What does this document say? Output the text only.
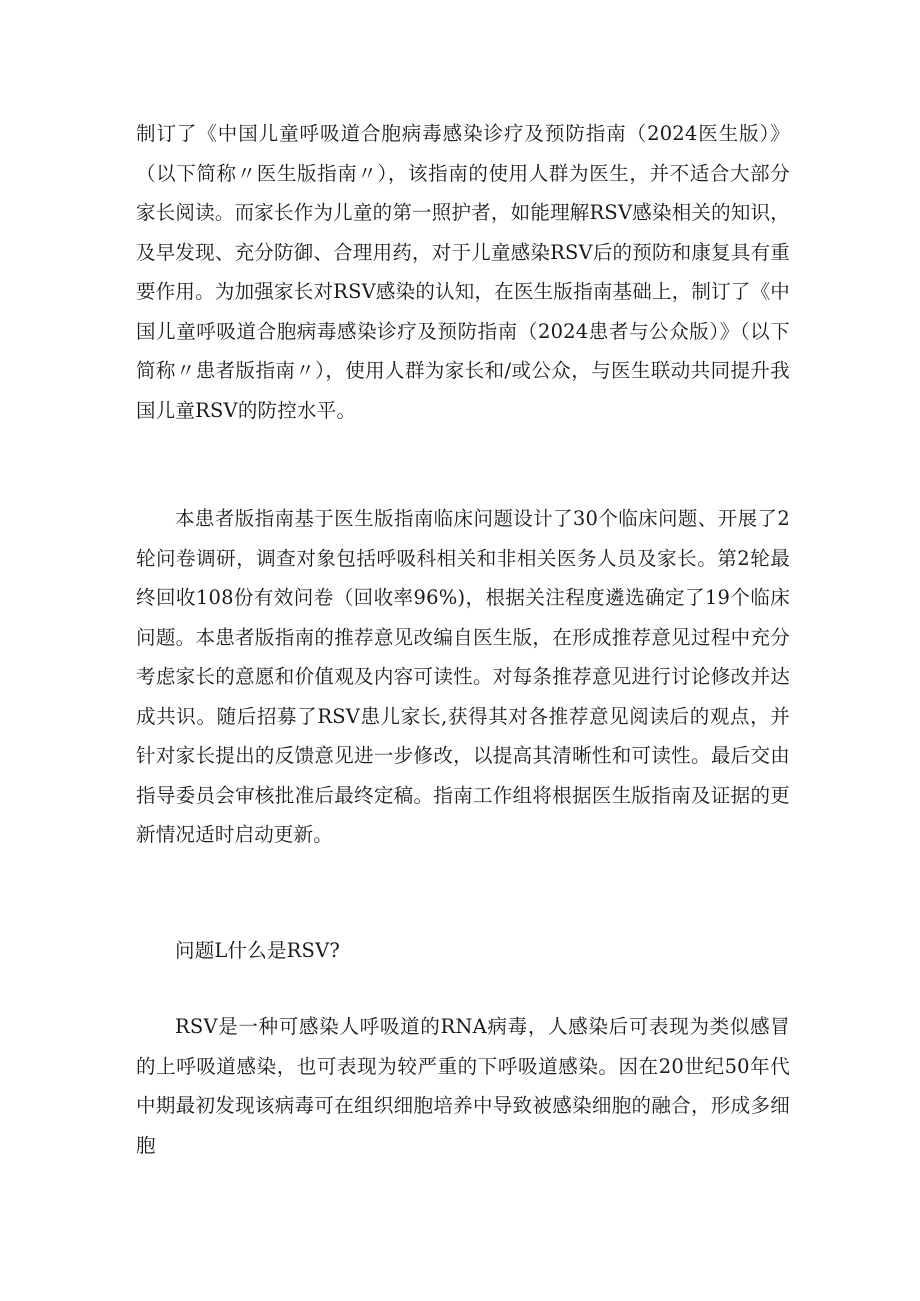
制订了《中国儿童呼吸道合胞病毒感染诊疗及预防指南（2024医生版）》（以下简称〃医生版指南〃），该指南的使用人群为医生，并不适合大部分家长阅读。而家长作为儿童的第一照护者，如能理解RSV感染相关的知识，及早发现、充分防御、合理用药，对于儿童感染RSV后的预防和康复具有重要作用。为加强家长对RSV感染的认知，在医生版指南基础上，制订了《中国儿童呼吸道合胞病毒感染诊疗及预防指南（2024患者与公众版）》（以下简称〃患者版指南〃），使用人群为家长和/或公众，与医生联动共同提升我国儿童RSV的防控水平。

本患者版指南基于医生版指南临床问题设计了30个临床问题、开展了2轮问卷调研，调查对象包括呼吸科相关和非相关医务人员及家长。第2轮最终回收108份有效问卷（回收率96%)，根据关注程度遴选确定了19个临床问题。本患者版指南的推荐意见改编自医生版，在形成推荐意见过程中充分考虑家长的意愿和价值观及内容可读性。对每条推荐意见进行讨论修改并达成共识。随后招募了RSV患儿家长,获得其对各推荐意见阅读后的观点，并针对家长提出的反馈意见进一步修改，以提高其清晰性和可读性。最后交由指导委员会审核批准后最终定稿。指南工作组将根据医生版指南及证据的更新情况适时启动更新。

问题L什么是RSV?

RSV是一种可感染人呼吸道的RNA病毒，人感染后可表现为类似感冒的上呼吸道感染，也可表现为较严重的下呼吸道感染。因在20世纪50年代中期最初发现该病毒可在组织细胞培养中导致被感染细胞的融合，形成多细胞
